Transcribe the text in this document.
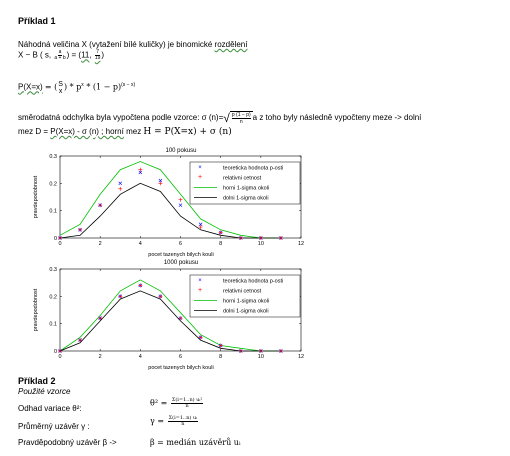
Příklad 1
Náhodná veličina X (vytažení bílé kuličky) je binomické rozdělení
X ~ B ( s, $\frac{a}{a + b}$ ) = (11, $\frac{7}{19}$ )
P(X=x) = ( S
x ) * $p^x * (1 - p)^{(s - x)}$
směrodatná odchylka byla vypočtena podle vzorce: σ (n)= √ $\frac{p (1 - p)}{n}$ a z toho byly následně vypočteny meze -> dolní
mez D = P(X=x) - σ (n) ; horní mez H = P(X=x) + σ (n)
100 pokusu
0	2	4	6	8	10	12
0
0.1
0.2
0.3
pocet tazenych bilych kouli
pravdepodobnost
×	teoreticka hodnota p-osti
+	relativni cetnost
horni 1-sigma okoli
dolni 1-sigma okoli
1000 pokusu
0	2	4	6	8	10	12
0
0.1
0.2
0.3
pocet tazenych bilych kouli
pravdepodobnost
×	teoreticka hodnota p-osti
+	relativni cetnost
horni 1-sigma okoli
dolni 1-sigma okoli
Příklad 2
Použité vzorce
Odhad variace θ²:
$\theta^2 = \frac{\text{Σ(i=1..n) uᵢ²}}{n}$
Průměrný uzávěr γ :
$\gamma = \frac{\text{Σ(i=1..n) uᵢ}}{n}$
Pravděpodobný uzávěr β ->	β = medián uzávěrů uᵢ
